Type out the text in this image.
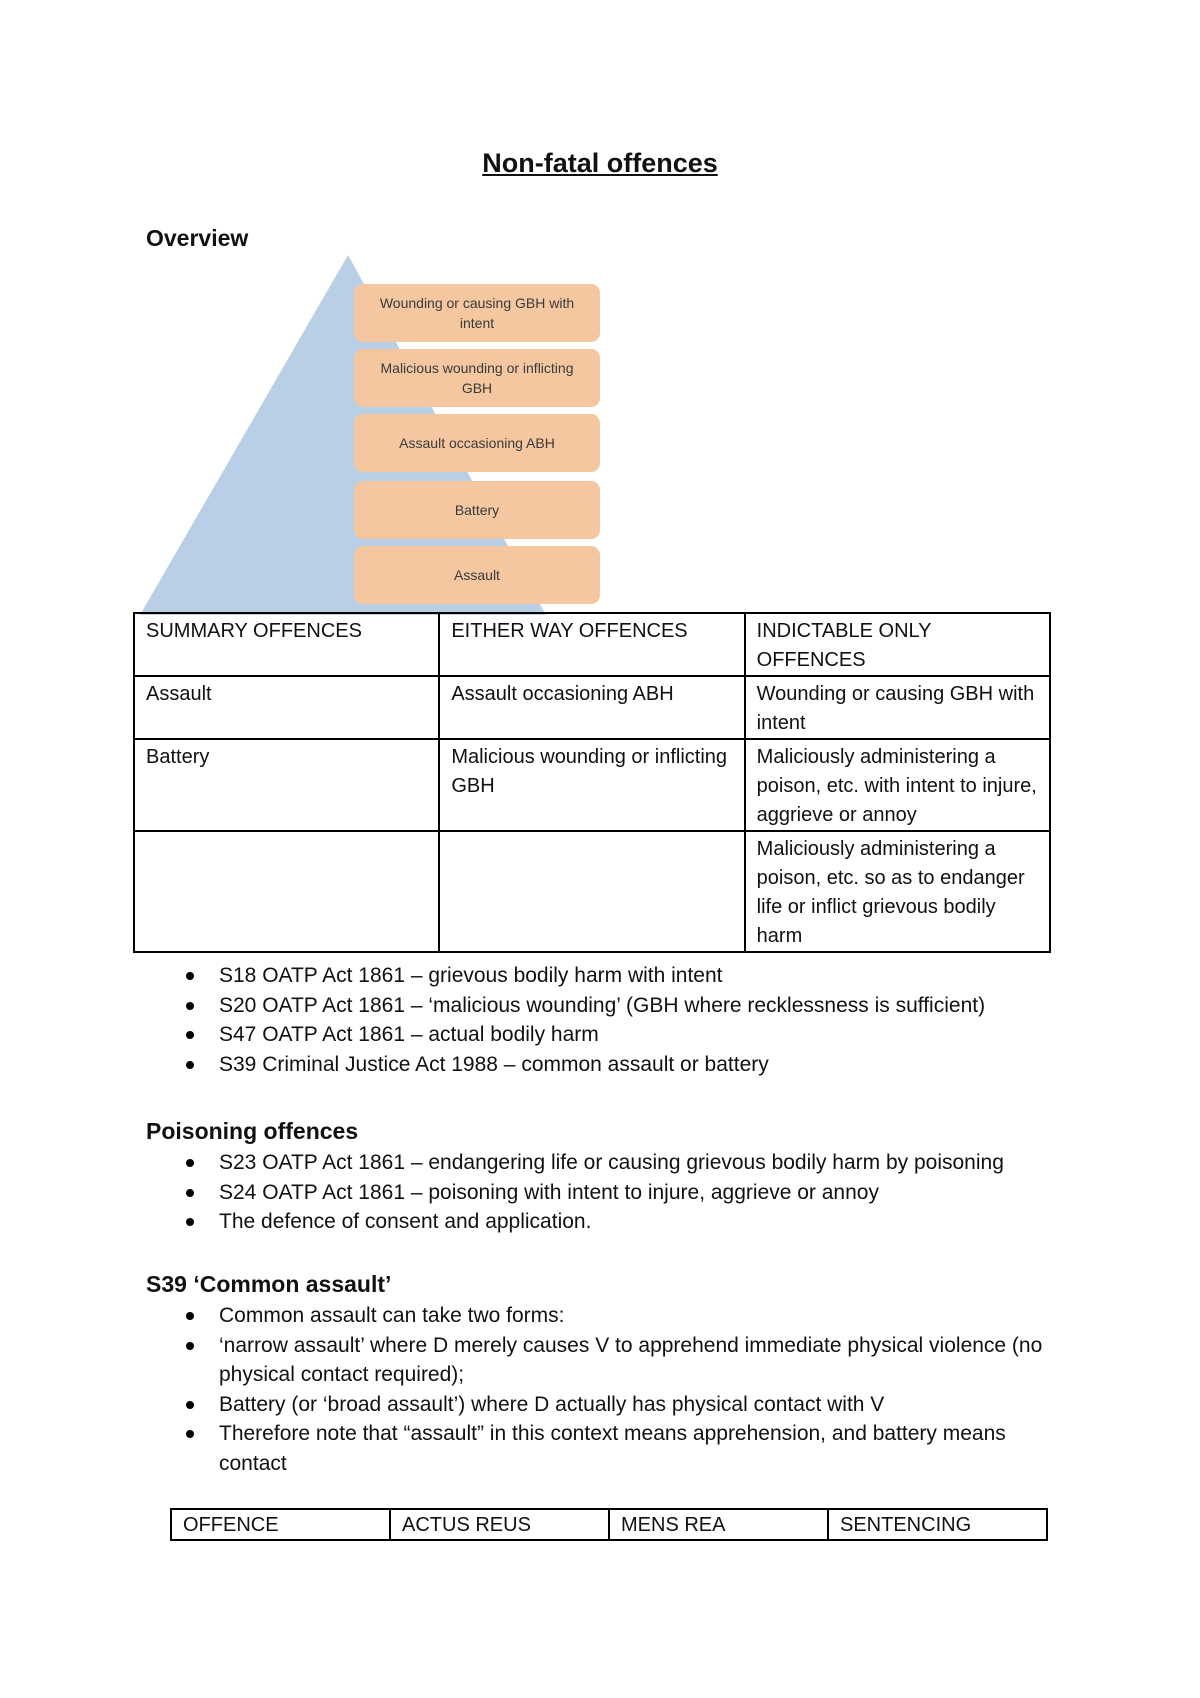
Non-fatal offences
Overview
Wounding or causing GBH with intent
Malicious wounding or inflicting GBH
Assault occasioning ABH
Battery
Assault
SUMMARY OFFENCES	EITHER WAY OFFENCES	INDICTABLE ONLY OFFENCES
Assault	Assault occasioning ABH	Wounding or causing GBH with intent
Battery	Malicious wounding or inflicting GBH	Maliciously administering a poison, etc. with intent to injure, aggrieve or annoy
		Maliciously administering a poison, etc. so as to endanger life or inflict grievous bodily harm
S18 OATP Act 1861 – grievous bodily harm with intent
S20 OATP Act 1861 – ‘malicious wounding’ (GBH where recklessness is sufficient)
S47 OATP Act 1861 – actual bodily harm
S39 Criminal Justice Act 1988 – common assault or battery
Poisoning offences
S23 OATP Act 1861 – endangering life or causing grievous bodily harm by poisoning
S24 OATP Act 1861 – poisoning with intent to injure, aggrieve or annoy
The defence of consent and application.
S39 ‘Common assault’
Common assault can take two forms:
‘narrow assault’ where D merely causes V to apprehend immediate physical violence (no physical contact required);
Battery (or ‘broad assault’) where D actually has physical contact with V
Therefore note that “assault” in this context means apprehension, and battery means contact
OFFENCE	ACTUS REUS	MENS REA	SENTENCING
